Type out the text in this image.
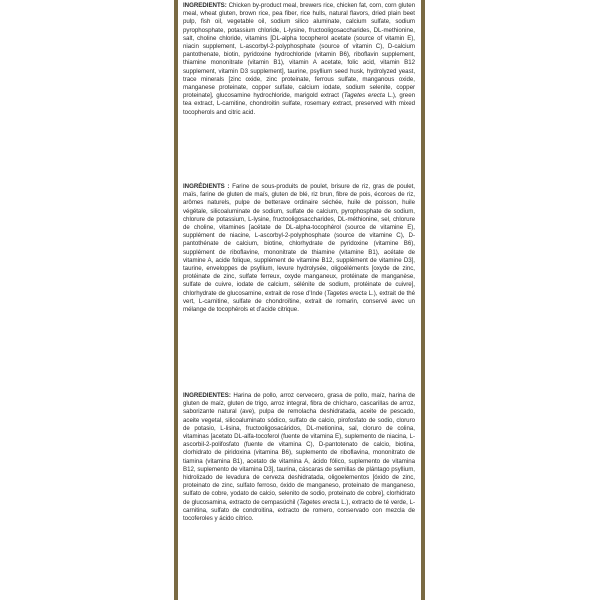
INGREDIENTS: Chicken by-product meal, brewers rice, chicken fat, corn, corn gluten meal, wheat gluten, brown rice, pea fiber, rice hulls, natural flavors, dried plain beet pulp, fish oil, vegetable oil, sodium silico aluminate, calcium sulfate, sodium pyrophosphate, potassium chloride, L-lysine, fructooligosaccharides, DL-methionine, salt, choline chloride, vitamins [DL-alpha tocopherol acetate (source of vitamin E), niacin supplement, L-ascorbyl-2-polyphosphate (source of vitamin C), D-calcium pantothenate, biotin, pyridoxine hydrochloride (vitamin B6), riboflavin supplement, thiamine mononitrate (vitamin B1), vitamin A acetate, folic acid, vitamin B12 supplement, vitamin D3 supplement], taurine, psyllium seed husk, hydrolyzed yeast, trace minerals [zinc oxide, zinc proteinate, ferrous sulfate, manganous oxide, manganese proteinate, copper sulfate, calcium iodate, sodium selenite, copper proteinate], glucosamine hydrochloride, marigold extract (Tagetes erecta L.), green tea extract, L-carnitine, chondroitin sulfate, rosemary extract, preserved with mixed tocopherols and citric acid.

INGRÉDIENTS : Farine de sous-produits de poulet, brisure de riz, gras de poulet, maïs, farine de gluten de maïs, gluten de blé, riz brun, fibre de pois, écorces de riz, arômes naturels, pulpe de betterave ordinaire séchée, huile de poisson, huile végétale, silicoaluminate de sodium, sulfate de calcium, pyrophosphate de sodium, chlorure de potassium, L-lysine, fructooligosaccharides, DL-méthionine, sel, chlorure de choline, vitamines [acétate de DL-alpha-tocophérol (source de vitamine E), supplément de niacine, L-ascorbyl-2-polyphosphate (source de vitamine C), D-pantothénate de calcium, biotine, chlorhydrate de pyridoxine (vitamine B6), supplément de riboflavine, mononitrate de thiamine (vitamine B1), acétate de vitamine A, acide folique, supplément de vitamine B12, supplément de vitamine D3], taurine, enveloppes de psyllium, levure hydrolysée, oligoéléments [oxyde de zinc, protéinate de zinc, sulfate ferreux, oxyde manganeux, protéinate de manganèse, sulfate de cuivre, iodate de calcium, sélénite de sodium, protéinate de cuivre], chlorhydrate de glucosamine, extrait de rose d’Inde (Tagetes erecta L.), extrait de thé vert, L-carnitine, sulfate de chondroïtine, extrait de romarin, conservé avec un mélange de tocophérols et d’acide citrique.

INGREDIENTES: Harina de pollo, arroz cervecero, grasa de pollo, maíz, harina de gluten de maíz, gluten de trigo, arroz integral, fibra de chícharo, cascarillas de arroz, saborizante natural (ave), pulpa de remolacha deshidratada, aceite de pescado, aceite vegetal, silicoaluminato sódico, sulfato de calcio, pirofosfato de sodio, cloruro de potasio, L-lisina, fructooligosacáridos, DL-metionina, sal, cloruro de colina, vitaminas [acetato DL-alfa-tocoferol (fuente de vitamina E), suplemento de niacina, L-ascorbil-2-polifosfato (fuente de vitamina C), D-pantotenato de calcio, biotina, clorhidrato de piridoxina (vitamina B6), suplemento de riboflavina, mononitrato de tiamina (vitamina B1), acetato de vitamina A, ácido fólico, suplemento de vitamina B12, suplemento de vitamina D3], taurina, cáscaras de semillas de plántago psyllium, hidrolizado de levadura de cerveza deshidratada, oligoelementos [óxido de zinc, proteinato de zinc, sulfato ferroso, óxido de manganeso, proteinato de manganeso, sulfato de cobre, yodato de calcio, selenito de sodio, proteinato de cobre], clorhidrato de glucosamina, extracto de cempasúchil (Tagetes erecta L.), extracto de té verde, L-carnitina, sulfato de condroitina, extracto de romero, conservado con mezcla de tocoferoles y ácido cítrico.
